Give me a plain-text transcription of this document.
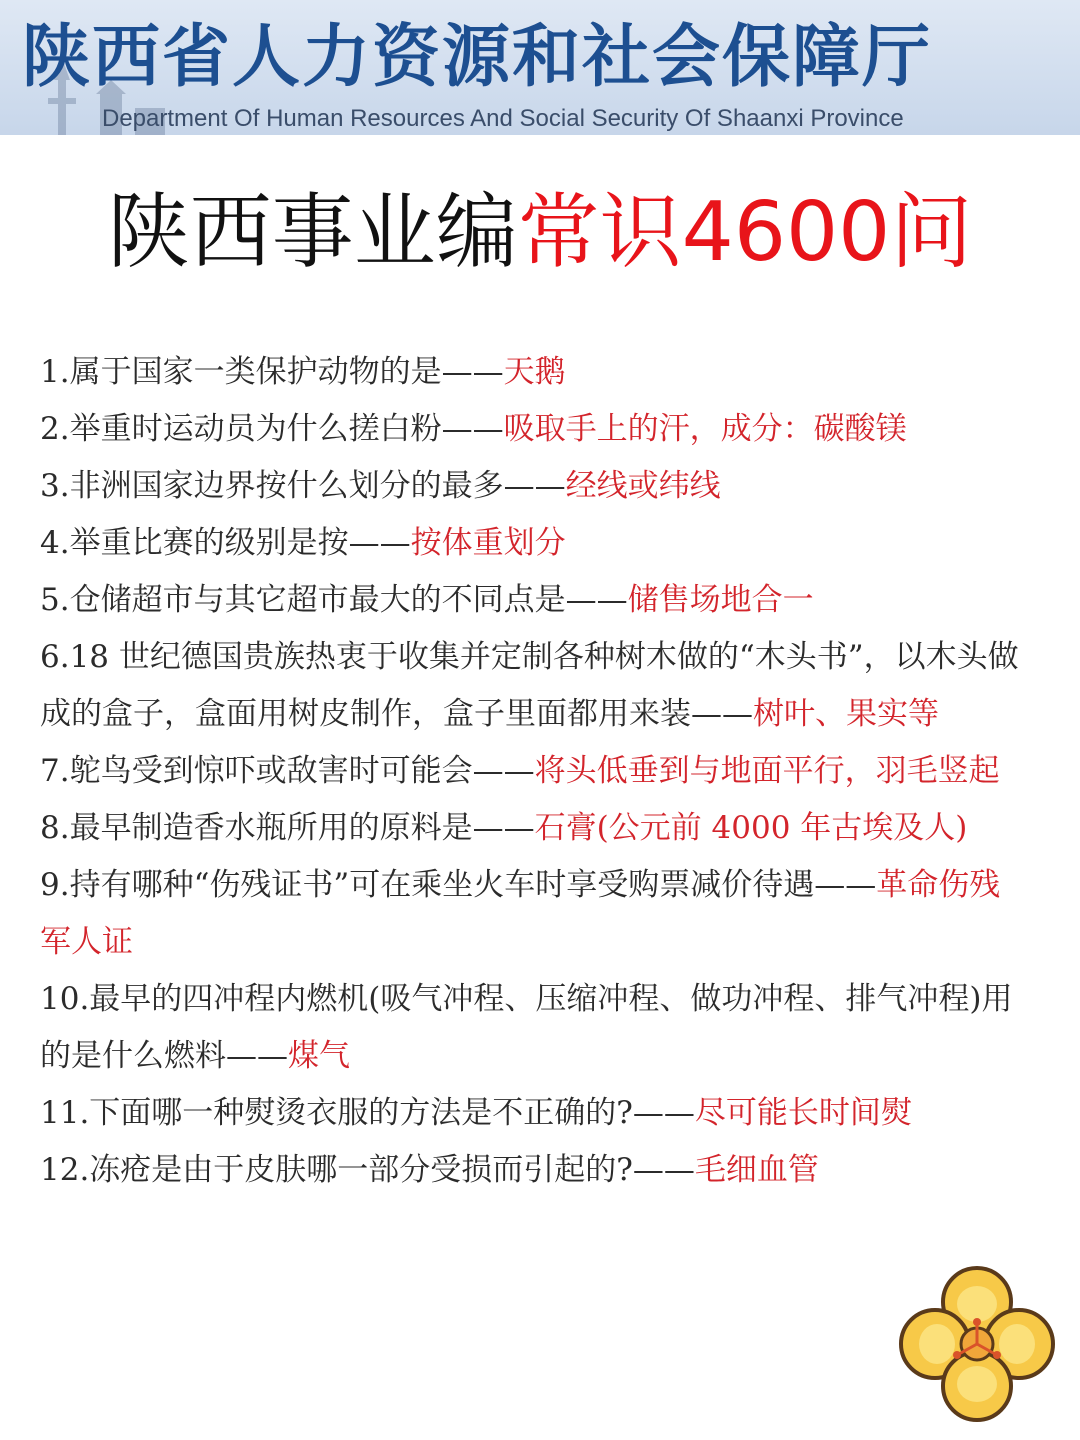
陕西省人力资源和社会保障厅
Department Of Human Resources And Social Security Of Shaanxi Province
陕西事业编常识4600问

1.属于国家一类保护动物的是——天鹅

2.举重时运动员为什么搓白粉——吸取手上的汗，成分：碳酸镁

3.非洲国家边界按什么划分的最多——经线或纬线

4.举重比赛的级别是按——按体重划分

5.仓储超市与其它超市最大的不同点是——储售场地合一

6.18 世纪德国贵族热衷于收集并定制各种树木做的“木头书”，以木头做成的盒子，盒面用树皮制作，盒子里面都用来装——树叶、果实等

7.鸵鸟受到惊吓或敌害时可能会——将头低垂到与地面平行，羽毛竖起

8.最早制造香水瓶所用的原料是——石膏(公元前 4000 年古埃及人)

9.持有哪种“伤残证书”可在乘坐火车时享受购票减价待遇——革命伤残军人证

10.最早的四冲程内燃机(吸气冲程、压缩冲程、做功冲程、排气冲程)用的是什么燃料——煤气

11.下面哪一种熨烫衣服的方法是不正确的?——尽可能长时间熨

12.冻疮是由于皮肤哪一部分受损而引起的?——毛细血管
